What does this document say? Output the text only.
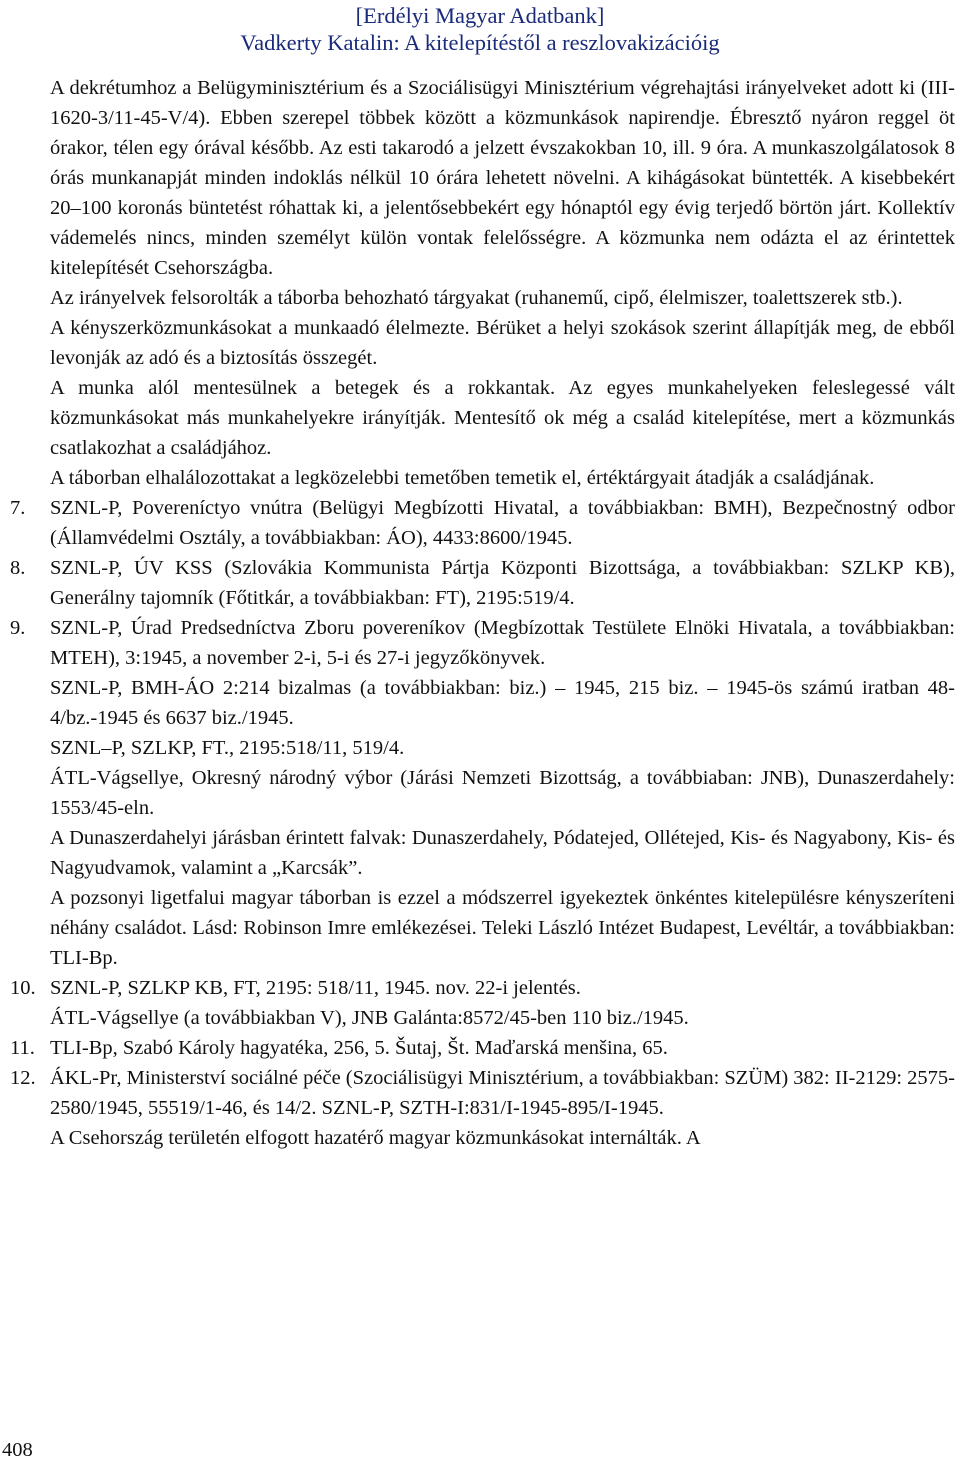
[Erdélyi Magyar Adatbank]
Vadkerty Katalin: A kitelepítéstől a reszlovakizációig

A dekrétumhoz a Belügyminisztérium és a Szociálisügyi Minisztérium végrehajtási irányelveket adott ki (III-1620-3/11-45-V/4). Ebben szerepel többek között a közmunkások napirendje. Ébresztő nyáron reggel öt órakor, télen egy órával később. Az esti takarodó a jelzett évszakokban 10, ill. 9 óra. A munkaszolgálatosok 8 órás munkanapját minden indoklás nélkül 10 órára lehetett növelni. A kihágásokat büntették. A kisebbekért 20–100 koronás büntetést róhattak ki, a jelentősebbekért egy hónaptól egy évig terjedő börtön járt. Kollektív vádemelés nincs, minden személyt külön vontak felelősségre. A közmunka nem odázta el az érintettek kitelepítését Csehországba.

Az irányelvek felsorolták a táborba behozható tárgyakat (ruhanemű, cipő, élelmiszer, toalettszerek stb.).

A kényszerközmunkásokat a munkaadó élelmezte. Bérüket a helyi szokások szerint állapítják meg, de ebből levonják az adó és a biztosítás összegét.

A munka alól mentesülnek a betegek és a rokkantak. Az egyes munkahelyeken feleslegessé vált közmunkásokat más munkahelyekre irányítják. Mentesítő ok még a család kitelepítése, mert a közmunkás csatlakozhat a családjához.

A táborban elhalálozottakat a legközelebbi temetőben temetik el, értéktárgyait átadják a családjának.

7.	SZNL-P, Povereníctyo vnútra (Belügyi Megbízotti Hivatal, a továbbiakban: BMH), Bezpečnostný odbor (Államvédelmi Osztály, a továbbiakban: ÁO), 4433:8600/1945.

8.	SZNL-P, ÚV KSS (Szlovákia Kommunista Pártja Központi Bizottsága, a továbbiakban: SZLKP KB), Generálny tajomník (Főtitkár, a továbbiakban: FT), 2195:519/4.

9.	SZNL-P, Úrad Predsedníctva Zboru povereníkov (Megbízottak Testülete Elnöki Hivatala, a továbbiakban: MTEH), 3:1945, a november 2-i, 5-i és 27-i jegyzőkönyvek.

SZNL-P, BMH-ÁO 2:214 bizalmas (a továbbiakban: biz.) – 1945, 215 biz. – 1945-ös számú iratban 48-4/bz.-1945 és 6637 biz./1945.

SZNL–P, SZLKP, FT., 2195:518/11, 519/4.

ÁTL-Vágsellye, Okresný národný výbor (Járási Nemzeti Bizottság, a továbbiaban: JNB), Dunaszerdahely: 1553/45-eln.

A Dunaszerdahelyi járásban érintett falvak: Dunaszerdahely, Pódatejed, Ollétejed, Kis- és Nagyabony, Kis- és Nagyudvamok, valamint a „Karcsák”.

A pozsonyi ligetfalui magyar táborban is ezzel a módszerrel igyekeztek önkéntes kitelepülésre kényszeríteni néhány családot. Lásd: Robinson Imre emlékezései. Teleki László Intézet Budapest, Levéltár, a továbbiakban: TLI-Bp.

10. SZNL-P, SZLKP KB, FT, 2195: 518/11, 1945. nov. 22-i jelentés.

ÁTL-Vágsellye (a továbbiakban V), JNB Galánta:8572/45-ben 110 biz./1945.

11. TLI-Bp, Szabó Károly hagyatéka, 256, 5. Šutaj, Št. Maďarská menšina, 65.

12. ÁKL-Pr, Ministerství sociálné péče (Szociálisügyi Minisztérium, a továbbiakban: SZÜM) 382: II-2129: 2575-2580/1945, 55519/1-46, és 14/2. SZNL-P, SZTH-I:831/I-1945-895/I-1945.

A Csehország területén elfogott hazatérő magyar közmunkásokat internálták. A

408
